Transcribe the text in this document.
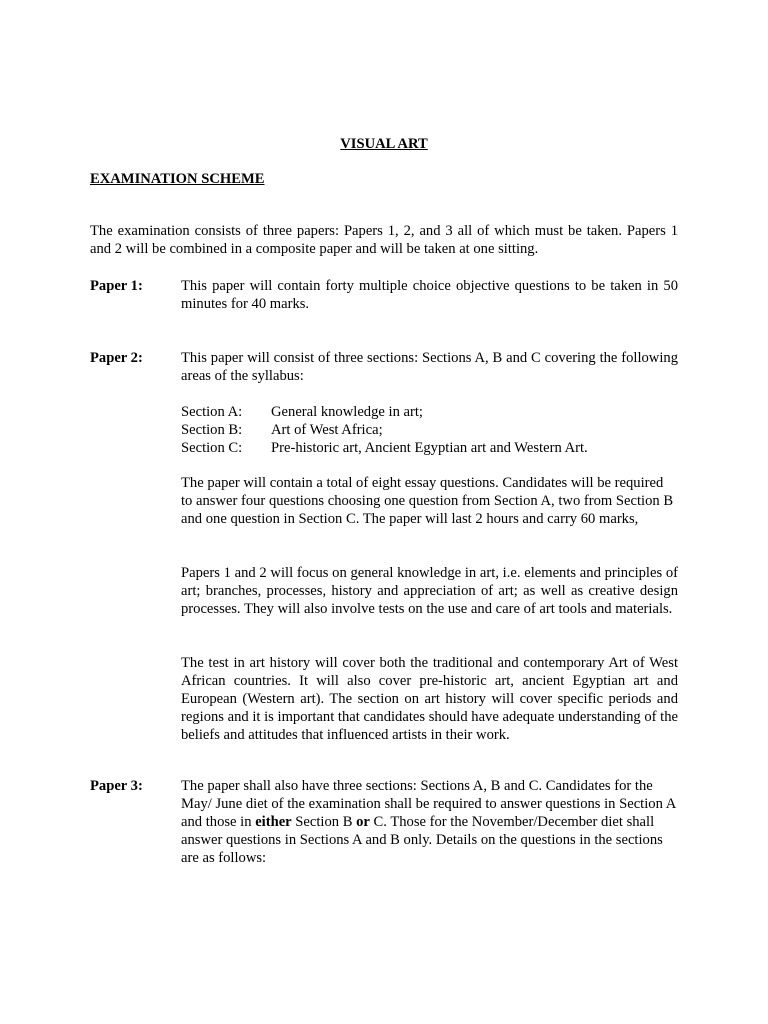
VISUAL ART
EXAMINATION SCHEME

The examination consists of three papers: Papers 1, 2, and 3 all of which must be taken. Papers 1 and 2 will be combined in a composite paper and will be taken at one sitting.

Paper 1:	This paper will contain forty multiple choice objective questions to be taken in 50 minutes for 40 marks.

Paper 2:	This paper will consist of three sections: Sections A, B and C covering the following areas of the syllabus:

Section A:	General knowledge in art;
Section B:	Art of West Africa;
Section C:	Pre-historic art, Ancient Egyptian art and Western Art.

The paper will contain a total of eight essay questions. Candidates will be required to answer four questions choosing one question from Section A, two from Section B and one question in Section C. The paper will last 2 hours and carry 60 marks,

Papers 1 and 2 will focus on general knowledge in art, i.e. elements and principles of art; branches, processes, history and appreciation of art; as well as creative design processes. They will also involve tests on the use and care of art tools and materials.

The test in art history will cover both the traditional and contemporary Art of West African countries. It will also cover pre-historic art, ancient Egyptian art and European (Western art). The section on art history will cover specific periods and regions and it is important that candidates should have adequate understanding of the beliefs and attitudes that influenced artists in their work.

Paper 3:	The paper shall also have three sections: Sections A, B and C. Candidates for the May/ June diet of the examination shall be required to answer questions in Section A and those in either Section B or C. Those for the November/December diet shall answer questions in Sections A and B only. Details on the questions in the sections are as follows:
